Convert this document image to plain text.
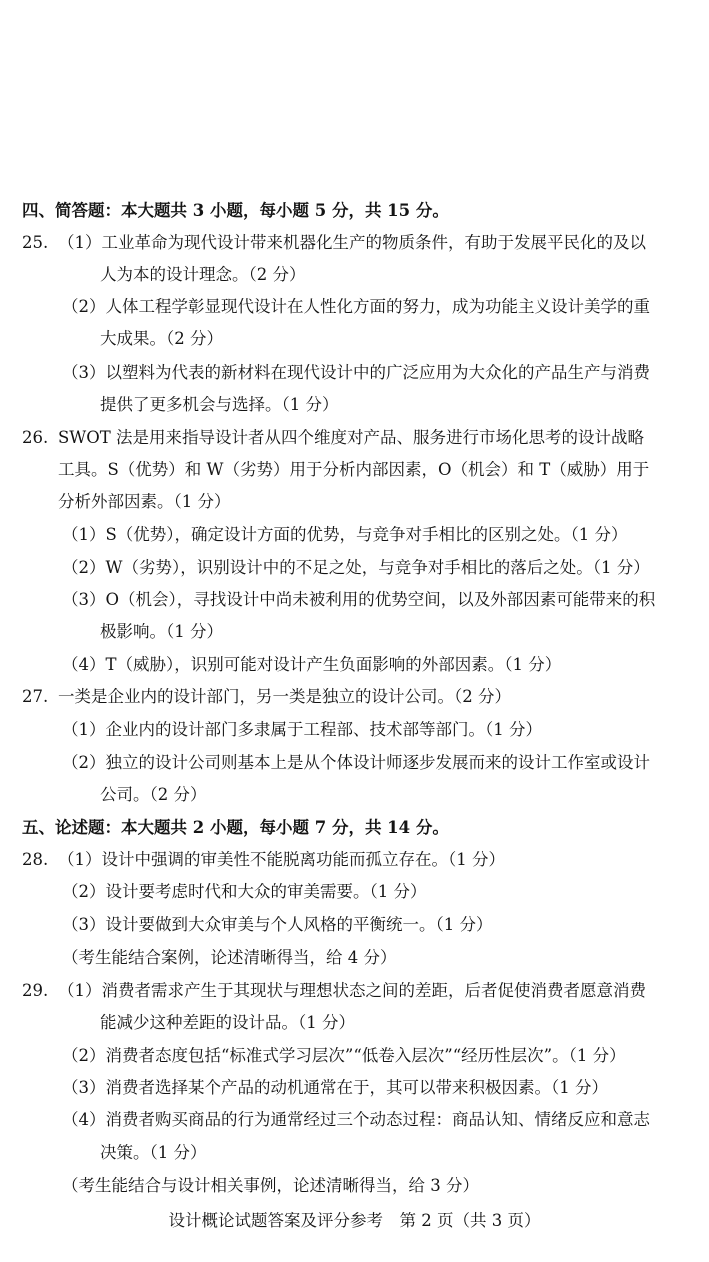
四、简答题：本大题共 3 小题，每小题 5 分，共 15 分。
25. （1）工业革命为现代设计带来机器化生产的物质条件，有助于发展平民化的及以
人为本的设计理念。（2 分）
（2）人体工程学彰显现代设计在人性化方面的努力，成为功能主义设计美学的重
大成果。（2 分）
（3）以塑料为代表的新材料在现代设计中的广泛应用为大众化的产品生产与消费
提供了更多机会与选择。（1 分）
26. SWOT 法是用来指导设计者从四个维度对产品、服务进行市场化思考的设计战略
工具。S（优势）和 W（劣势）用于分析内部因素，O（机会）和 T（威胁）用于
分析外部因素。（1 分）
（1）S（优势），确定设计方面的优势，与竞争对手相比的区别之处。（1 分）
（2）W（劣势），识别设计中的不足之处，与竞争对手相比的落后之处。（1 分）
（3）O（机会），寻找设计中尚未被利用的优势空间，以及外部因素可能带来的积
极影响。（1 分）
（4）T（威胁），识别可能对设计产生负面影响的外部因素。（1 分）
27. 一类是企业内的设计部门，另一类是独立的设计公司。（2 分）
（1）企业内的设计部门多隶属于工程部、技术部等部门。（1 分）
（2）独立的设计公司则基本上是从个体设计师逐步发展而来的设计工作室或设计
公司。（2 分）
五、论述题：本大题共 2 小题，每小题 7 分，共 14 分。
28. （1）设计中强调的审美性不能脱离功能而孤立存在。（1 分）
（2）设计要考虑时代和大众的审美需要。（1 分）
（3）设计要做到大众审美与个人风格的平衡统一。（1 分）
（考生能结合案例，论述清晰得当，给 4 分）
29. （1）消费者需求产生于其现状与理想状态之间的差距，后者促使消费者愿意消费
能减少这种差距的设计品。（1 分）
（2）消费者态度包括“标准式学习层次”“低卷入层次”“经历性层次”。（1 分）
（3）消费者选择某个产品的动机通常在于，其可以带来积极因素。（1 分）
（4）消费者购买商品的行为通常经过三个动态过程：商品认知、情绪反应和意志
决策。（1 分）
（考生能结合与设计相关事例，论述清晰得当，给 3 分）
设计概论试题答案及评分参考　第 2 页（共 3 页）
